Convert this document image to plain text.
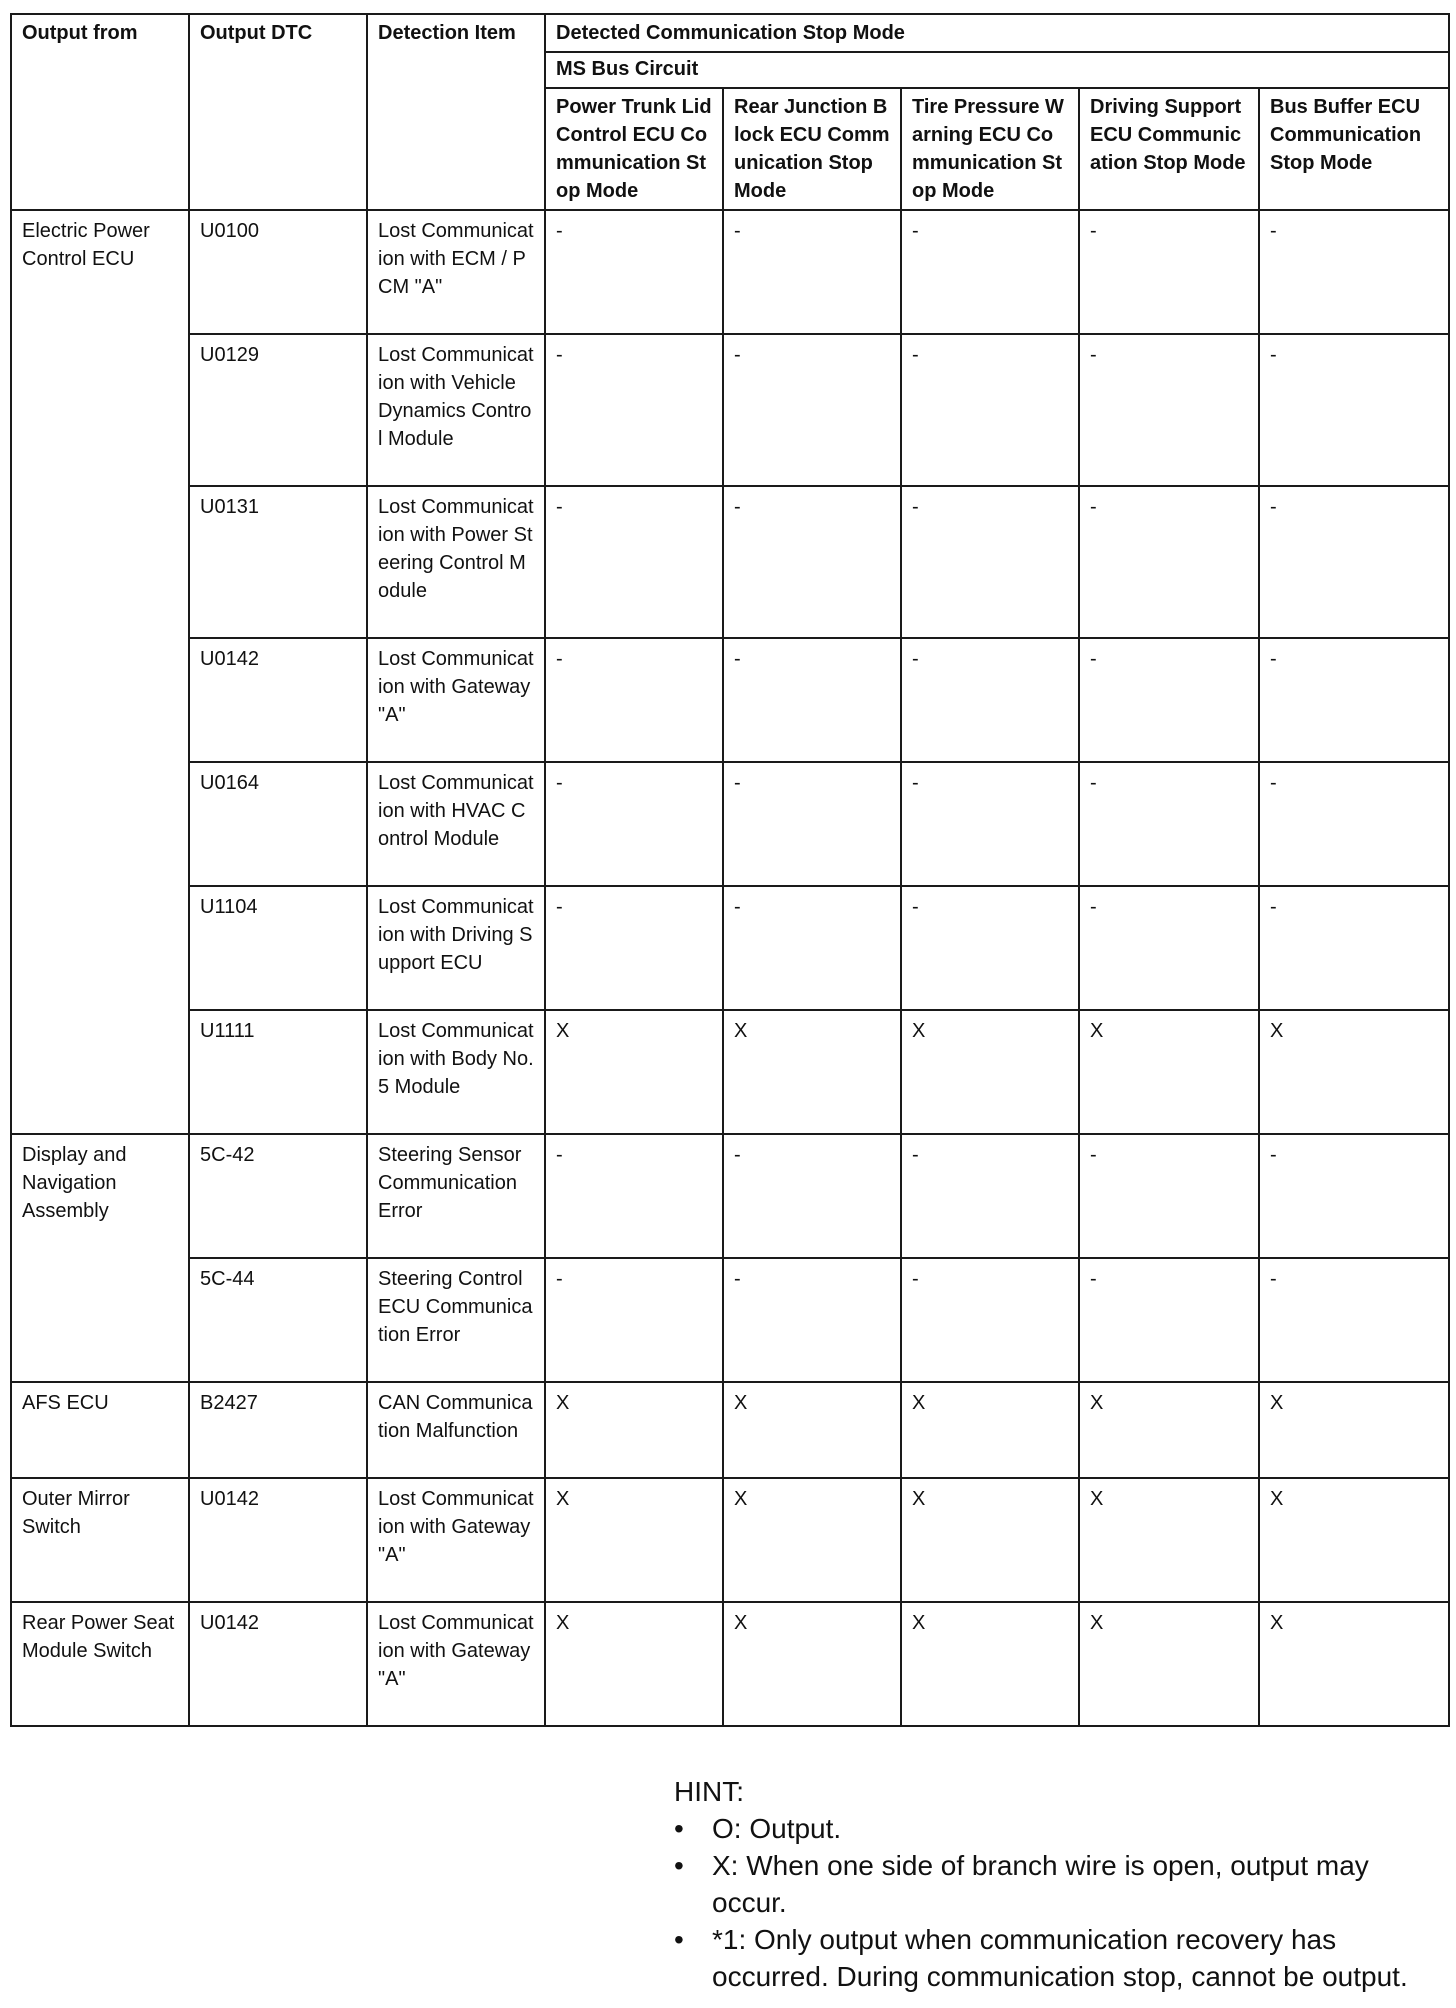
Output from	Output DTC	Detection Item	Detected Communication Stop Mode				
			MS Bus Circuit				

			Power Trunk Lid Control ECU Communication Stop Mode	Rear Junction Block ECU Communication Stop Mode	Tire Pressure Warning ECU Communication Stop Mode	Driving Support ECU Communication Stop Mode	Bus Buffer ECU Communication Stop Mode

Electric Power Control ECU	U0100	Lost Communication with ECM / PCM "A"	-	-	-	-	-
	U0129	Lost Communication with Vehicle Dynamics Control Module	-	-	-	-	-
	U0131	Lost Communication with Power Steering Control Module	-	-	-	-	-
	U0142	Lost Communication with Gateway "A"	-	-	-	-	-
	U0164	Lost Communication with HVAC Control Module	-	-	-	-	-
	U1104	Lost Communication with Driving Support ECU	-	-	-	-	-
	U1111	Lost Communication with Body No. 5 Module	X	X	X	X	X
Display and Navigation Assembly	5C-42	Steering Sensor Communication Error	-	-	-	-	-
	5C-44	Steering Control ECU Communication Error	-	-	-	-	-
AFS ECU	B2427	CAN Communication Malfunction	X	X	X	X	X
Outer Mirror Switch	U0142	Lost Communication with Gateway "A"	X	X	X	X	X
Rear Power Seat Module Switch	U0142	Lost Communication with Gateway "A"	X	X	X	X	X
HINT:
•	O: Output.
•	X: When one side of branch wire is open, output may occur.
•	*1: Only output when communication recovery has occurred. During communication stop, cannot be output.
